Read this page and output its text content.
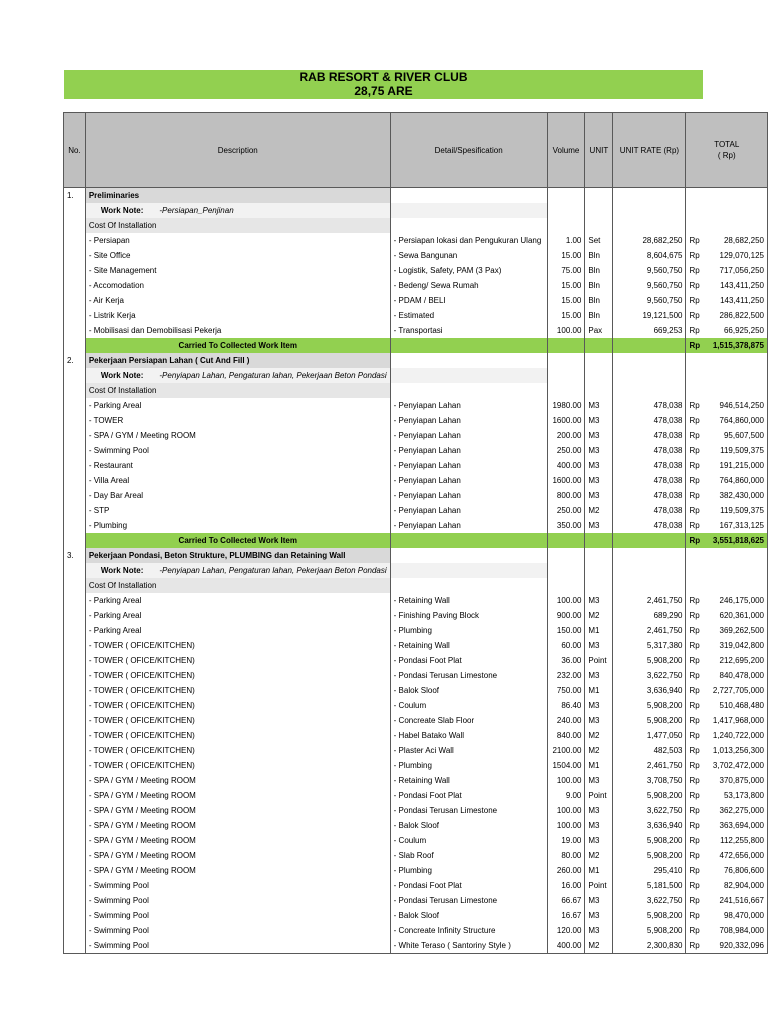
RAB RESORT & RIVER CLUB
28,75 ARE
No.	Description	Detail/Spesification	Volume	UNIT	UNIT RATE (Rp)	TOTAL
( Rp)	

1.	Preliminaries						
	Work Note: -Persiapan_Penjinan						
	Cost Of Installation						
	- Persiapan	- Persiapan lokasi dan Pengukuran Ulang	1.00	Set	28,682,250	Rp	28,682,250
	- Site Office	- Sewa Bangunan	15.00	Bln	8,604,675	Rp	129,070,125
	- Site Management	- Logistik, Safety, PAM (3 Pax)	75.00	Bln	9,560,750	Rp	717,056,250
	- Accomodation	- Bedeng/ Sewa Rumah	15.00	Bln	9,560,750	Rp	143,411,250
	- Air Kerja	- PDAM / BELI	15.00	Bln	9,560,750	Rp	143,411,250
	- Listrik Kerja	- Estimated	15.00	Bln	19,121,500	Rp	286,822,500
	- Mobilisasi dan Demobilisasi Pekerja	- Transportasi	100.00	Pax	669,253	Rp	66,925,250
	Carried To Collected Work Item					Rp	1,515,378,875
2.	Pekerjaan Persiapan Lahan ( Cut And Fill )						
	Work Note: -Penyiapan Lahan, Pengaturan lahan, Pekerjaan Beton Pondasi						
	Cost Of Installation						
	- Parking Areal	- Penyiapan Lahan	1980.00	M3	478,038	Rp	946,514,250
	- TOWER	- Penyiapan Lahan	1600.00	M3	478,038	Rp	764,860,000
	- SPA / GYM / Meeting ROOM	- Penyiapan Lahan	200.00	M3	478,038	Rp	95,607,500
	- Swimming Pool	- Penyiapan Lahan	250.00	M3	478,038	Rp	119,509,375
	- Restaurant	- Penyiapan Lahan	400.00	M3	478,038	Rp	191,215,000
	- Villa Areal	- Penyiapan Lahan	1600.00	M3	478,038	Rp	764,860,000
	- Day Bar Areal	- Penyiapan Lahan	800.00	M3	478,038	Rp	382,430,000
	- STP	- Penyiapan Lahan	250.00	M2	478,038	Rp	119,509,375
	- Plumbing	- Penyiapan Lahan	350.00	M3	478,038	Rp	167,313,125
	Carried To Collected Work Item					Rp	3,551,818,625
3.	Pekerjaan Pondasi, Beton Strukture, PLUMBING dan Retaining Wall						
	Work Note: -Penyiapan Lahan, Pengaturan lahan, Pekerjaan Beton Pondasi						
	Cost Of Installation						
	- Parking Areal	- Retaining Wall	100.00	M3	2,461,750	Rp	246,175,000
	- Parking Areal	- Finishing Paving Block	900.00	M2	689,290	Rp	620,361,000
	- Parking Areal	- Plumbing	150.00	M1	2,461,750	Rp	369,262,500
	- TOWER ( OFICE/KITCHEN)	- Retaining Wall	60.00	M3	5,317,380	Rp	319,042,800
	- TOWER ( OFICE/KITCHEN)	- Pondasi Foot Plat	36.00	Point	5,908,200	Rp	212,695,200
	- TOWER ( OFICE/KITCHEN)	- Pondasi Terusan Limestone	232.00	M3	3,622,750	Rp	840,478,000
	- TOWER ( OFICE/KITCHEN)	- Balok Sloof	750.00	M1	3,636,940	Rp	2,727,705,000
	- TOWER ( OFICE/KITCHEN)	- Coulum	86.40	M3	5,908,200	Rp	510,468,480
	- TOWER ( OFICE/KITCHEN)	- Concreate Slab Floor	240.00	M3	5,908,200	Rp	1,417,968,000
	- TOWER ( OFICE/KITCHEN)	- Habel Batako Wall	840.00	M2	1,477,050	Rp	1,240,722,000
	- TOWER ( OFICE/KITCHEN)	- Plaster Aci Wall	2100.00	M2	482,503	Rp	1,013,256,300
	- TOWER ( OFICE/KITCHEN)	- Plumbing	1504.00	M1	2,461,750	Rp	3,702,472,000
	- SPA / GYM / Meeting ROOM	- Retaining Wall	100.00	M3	3,708,750	Rp	370,875,000
	- SPA / GYM / Meeting ROOM	- Pondasi Foot Plat	9.00	Point	5,908,200	Rp	53,173,800
	- SPA / GYM / Meeting ROOM	- Pondasi Terusan Limestone	100.00	M3	3,622,750	Rp	362,275,000
	- SPA / GYM / Meeting ROOM	- Balok Sloof	100.00	M3	3,636,940	Rp	363,694,000
	- SPA / GYM / Meeting ROOM	- Coulum	19.00	M3	5,908,200	Rp	112,255,800
	- SPA / GYM / Meeting ROOM	- Slab Roof	80.00	M2	5,908,200	Rp	472,656,000
	- SPA / GYM / Meeting ROOM	- Plumbing	260.00	M1	295,410	Rp	76,806,600
	- Swimming Pool	- Pondasi Foot Plat	16.00	Point	5,181,500	Rp	82,904,000
	- Swimming Pool	- Pondasi Terusan Limestone	66.67	M3	3,622,750	Rp	241,516,667
	- Swimming Pool	- Balok Sloof	16.67	M3	5,908,200	Rp	98,470,000
	- Swimming Pool	- Concreate Infinity Structure	120.00	M3	5,908,200	Rp	708,984,000
	- Swimming Pool	- White Teraso ( Santoriny Style )	400.00	M2	2,300,830	Rp	920,332,096
